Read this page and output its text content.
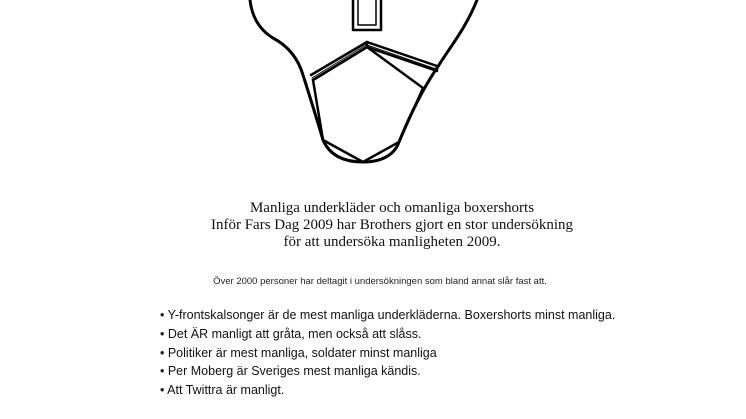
Manliga underkläder och omanliga boxershorts
Inför Fars Dag 2009 har Brothers gjort en stor undersökning
för att undersöka manligheten 2009.
Över 2000 personer har deltagit i undersökningen som bland annat slår fast att.
• Y-frontskalsonger är de mest manliga underkläderna. Boxershorts minst manliga.
• Det ÄR manligt att gråta, men också att slåss.
• Politiker är mest manliga, soldater minst manliga
• Per Moberg är Sveriges mest manliga kändis.
• Att Twittra är manligt.
